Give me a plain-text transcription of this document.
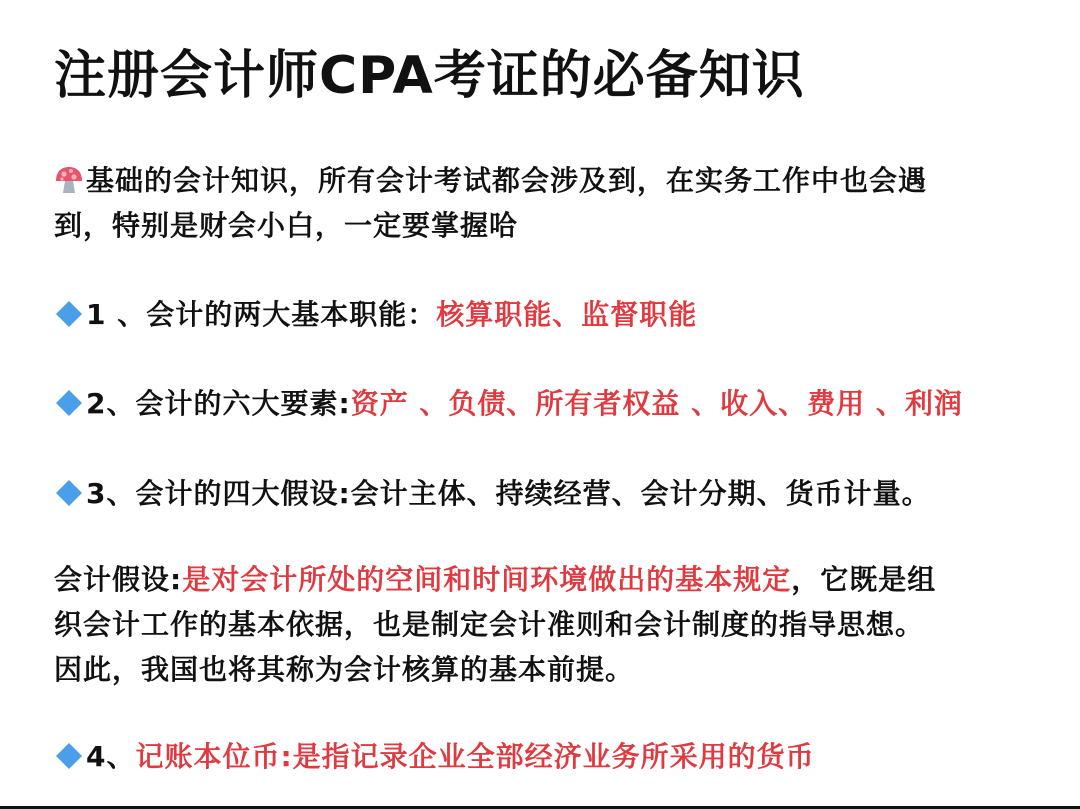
注册会计师CPA考证的必备知识
基础的会计知识，所有会计考试都会涉及到，在实务工作中也会遇
到，特别是财会小白，一定要掌握哈
1 、会计的两大基本职能：核算职能、监督职能
2、会计的六大要素:资产 、负债、所有者权益 、收入、费用 、利润
3、会计的四大假设:会计主体、持续经营、会计分期、货币计量。
会计假设:是对会计所处的空间和时间环境做出的基本规定，它既是组
织会计工作的基本依据，也是制定会计准则和会计制度的指导思想。
因此，我国也将其称为会计核算的基本前提。
4、记账本位币:是指记录企业全部经济业务所采用的货币
